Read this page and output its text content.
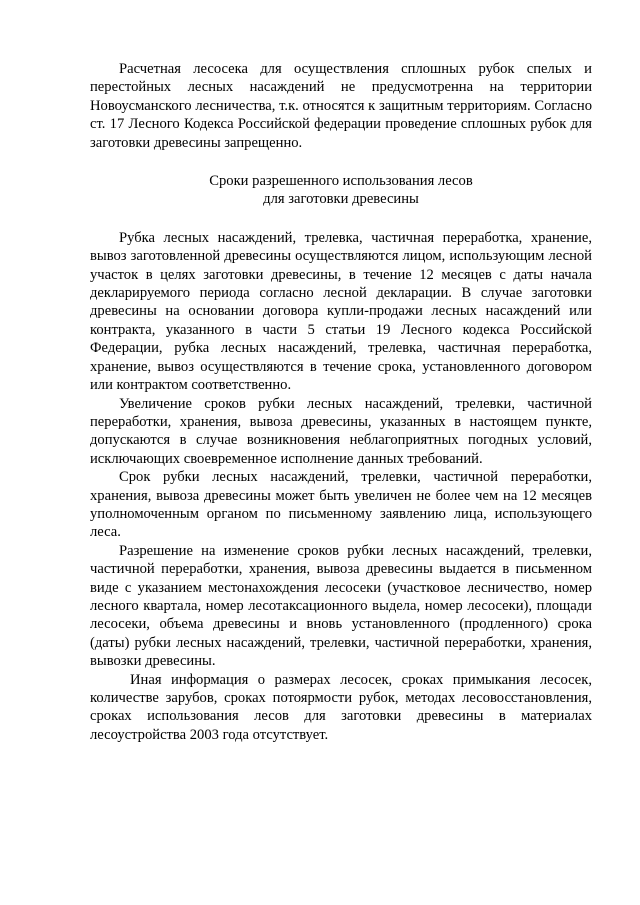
Расчетная лесосека для осуществления сплошных рубок спелых и перестойных лесных насаждений не предусмотренна на территории Новоусманского лесничества, т.к. относятся к защитным территориям. Согласно ст. 17 Лесного Кодекса Российской федерации проведение сплошных рубок для заготовки древесины запрещенно.

Сроки разрешенного использования лесов
для заготовки древесины

Рубка лесных насаждений, трелевка, частичная переработка, хранение, вывоз заготовленной древесины осуществляются лицом, использующим лесной участок в целях заготовки древесины, в течение 12 месяцев с даты начала декларируемого периода согласно лесной декларации. В случае заготовки древесины на основании договора купли-продажи лесных насаждений или контракта, указанного в части 5 статьи 19 Лесного кодекса Российской Федерации, рубка лесных насаждений, трелевка, частичная переработка, хранение, вывоз осуществляются в течение срока, установленного договором или контрактом соответственно.

Увеличение сроков рубки лесных насаждений, трелевки, частичной переработки, хранения, вывоза древесины, указанных в настоящем пункте, допускаются в случае возникновения неблагоприятных погодных условий, исключающих своевременное исполнение данных требований.

Срок рубки лесных насаждений, трелевки, частичной переработки, хранения, вывоза древесины может быть увеличен не более чем на 12 месяцев уполномоченным органом по письменному заявлению лица, использующего леса.

Разрешение на изменение сроков рубки лесных насаждений, трелевки, частичной переработки, хранения, вывоза древесины выдается в письменном виде с указанием местонахождения лесосеки (участковое лесничество, номер лесного квартала, номер лесотаксационного выдела, номер лесосеки), площади лесосеки, объема древесины и вновь установленного (продленного) срока (даты) рубки лесных насаждений, трелевки, частичной переработки, хранения, вывозки древесины.

Иная информация о размерах лесосек, сроках примыкания лесосек, количестве зарубов, сроках потоярмости рубок, методах лесовосстановления, сроках использования лесов для заготовки древесины в материалах лесоустройства 2003 года отсутствует.
